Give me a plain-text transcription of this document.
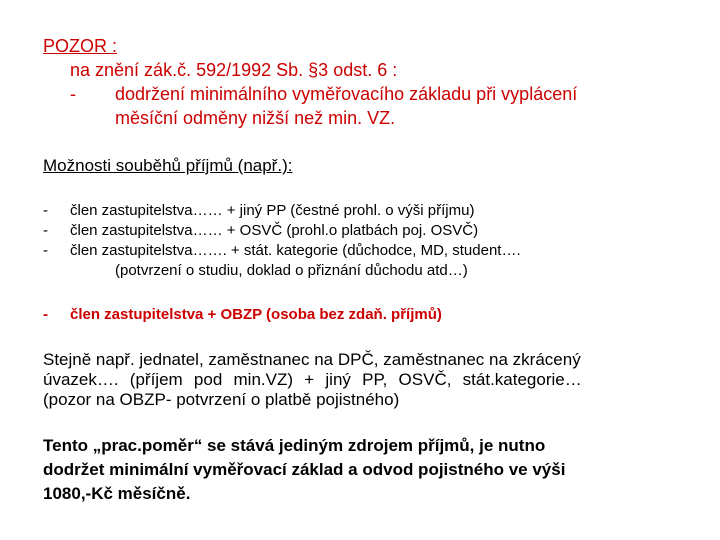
POZOR :
na znění zák.č. 592/1992 Sb. §3 odst. 6 :
- dodržení minimálního vyměřovacího základu při vyplácení
měsíční odměny nižší než min. VZ.
Možnosti souběhů příjmů (např.):
- člen zastupitelstva…… + jiný PP (čestné prohl. o výši příjmu)
- člen zastupitelstva…… + OSVČ (prohl.o platbách poj. OSVČ)
- člen zastupitelstva……. + stát. kategorie (důchodce, MD, student….
(potvrzení o studiu, doklad o přiznání důchodu atd…)
- člen zastupitelstva + OBZP (osoba bez zdaň. příjmů)
Stejně např. jednatel, zaměstnanec na DPČ, zaměstnanec na zkrácený
úvazek…. (příjem pod min.VZ) + jiný PP, OSVČ, stát.kategorie…
(pozor na OBZP- potvrzení o platbě pojistného)
Tento „prac.poměr“ se stává jediným zdrojem příjmů, je nutno
dodržet minimální vyměřovací základ a odvod pojistného ve výši
1080,-Kč měsíčně.
